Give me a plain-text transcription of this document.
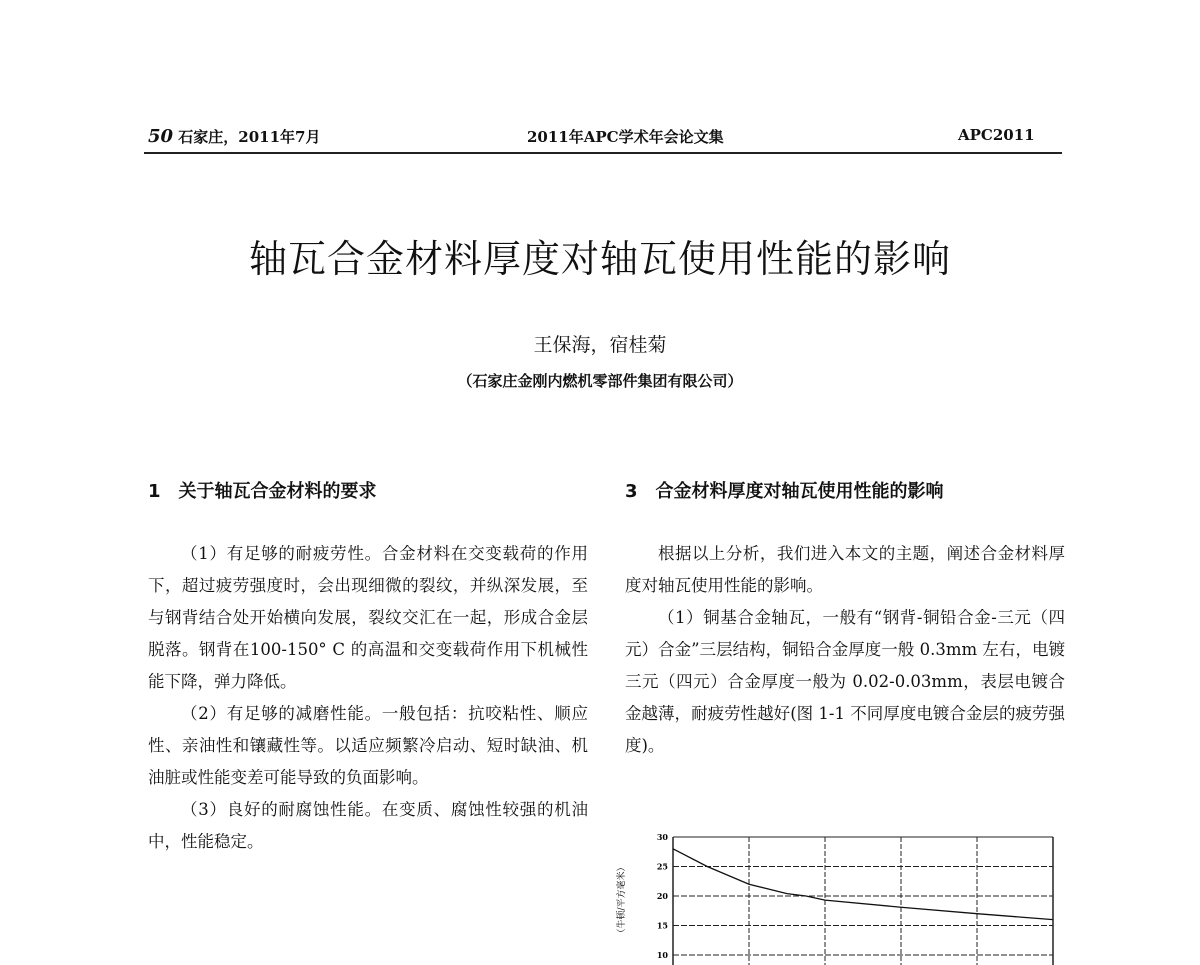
50 石家庄，2011年7月	2011年APC学术年会论文集	APC2011
轴瓦合金材料厚度对轴瓦使用性能的影响
王保海，宿桂菊
（石家庄金刚内燃机零部件集团有限公司）
1　关于轴瓦合金材料的要求

（1）有足够的耐疲劳性。合金材料在交变载荷的作用下，超过疲劳强度时，会出现细微的裂纹，并纵深发展，至与钢背结合处开始横向发展，裂纹交汇在一起，形成合金层脱落。钢背在100-150° C 的高温和交变载荷作用下机械性能下降，弹力降低。

（2）有足够的减磨性能。一般包括：抗咬粘性、顺应性、亲油性和镶藏性等。以适应频繁冷启动、短时缺油、机油脏或性能变差可能导致的负面影响。

（3）良好的耐腐蚀性能。在变质、腐蚀性较强的机油中，性能稳定。

3　合金材料厚度对轴瓦使用性能的影响

根据以上分析，我们进入本文的主题，阐述合金材料厚度对轴瓦使用性能的影响。

（1）铜基合金轴瓦，一般有“钢背-铜铅合金-三元（四元）合金”三层结构，铜铅合金厚度一般 0.3mm 左右，电镀三元（四元）合金厚度一般为 0.02-0.03mm，表层电镀合金越薄，耐疲劳性越好(图 1-1 不同厚度电镀合金层的疲劳强度)。

（牛顿/平方毫米）
30
25
20
15
10
